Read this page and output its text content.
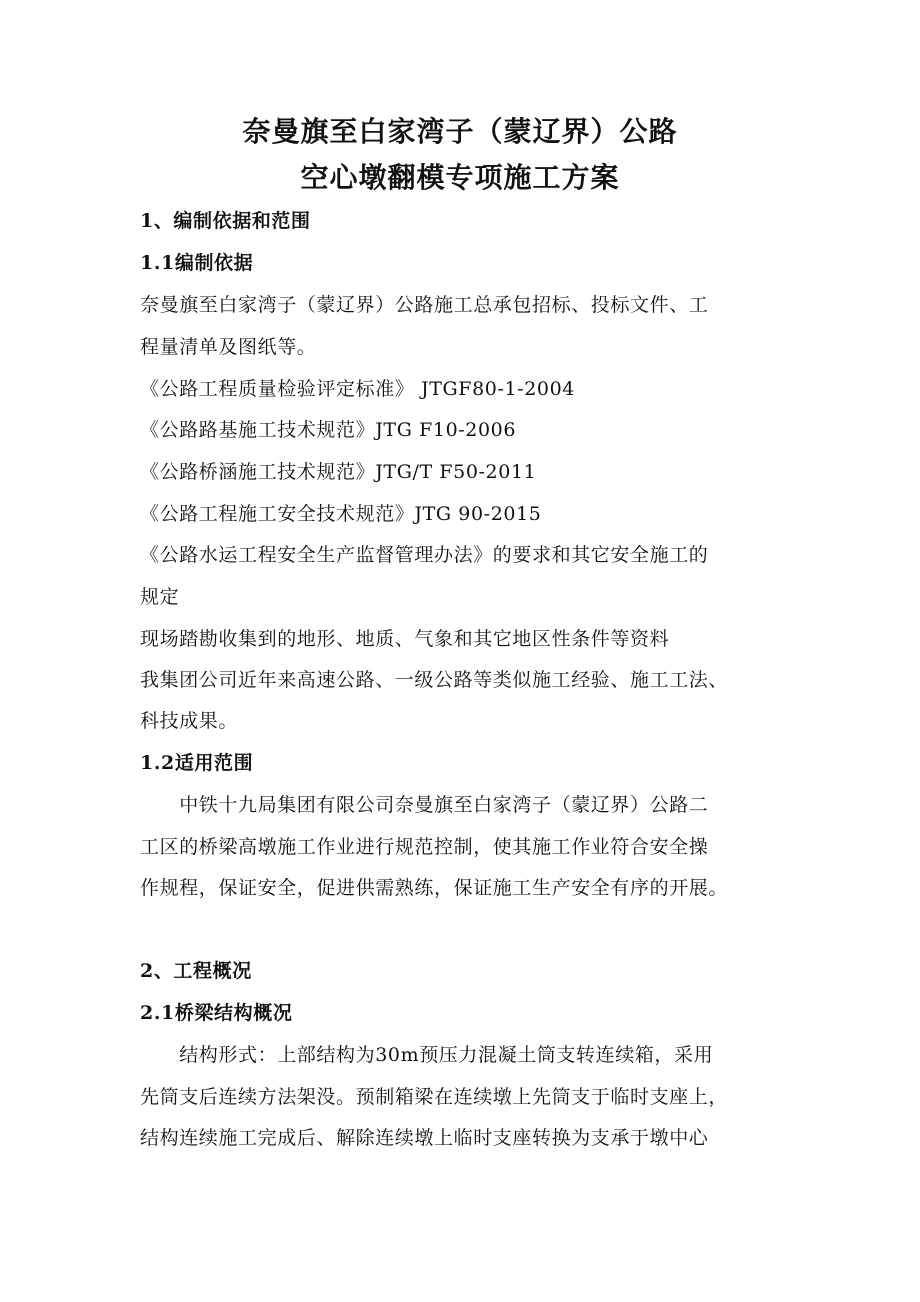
奈曼旗至白家湾子（蒙辽界）公路
空心墩翻模专项施工方案
1、编制依据和范围
1.1编制依据
奈曼旗至白家湾子（蒙辽界）公路施工总承包招标、投标文件、工
程量清单及图纸等。
《公路工程质量检验评定标准》 JTGF80-1-2004
《公路路基施工技术规范》JTG F10-2006
《公路桥涵施工技术规范》JTG/T F50-2011
《公路工程施工安全技术规范》JTG 90-2015
《公路水运工程安全生产监督管理办法》的要求和其它安全施工的
规定
现场踏勘收集到的地形、地质、气象和其它地区性条件等资料
我集团公司近年来高速公路、一级公路等类似施工经验、施工工法、
科技成果。
1.2适用范围
　　中铁十九局集团有限公司奈曼旗至白家湾子（蒙辽界）公路二
工区的桥梁高墩施工作业进行规范控制，使其施工作业符合安全操
作规程，保证安全，促进供需熟练，保证施工生产安全有序的开展。
2、工程概况
2.1桥梁结构概况
　　结构形式：上部结构为30m预压力混凝土筒支转连续箱，采用
先筒支后连续方法架没。预制箱梁在连续墩上先筒支于临时支座上，
结构连续施工完成后、解除连续墩上临时支座转换为支承于墩中心
